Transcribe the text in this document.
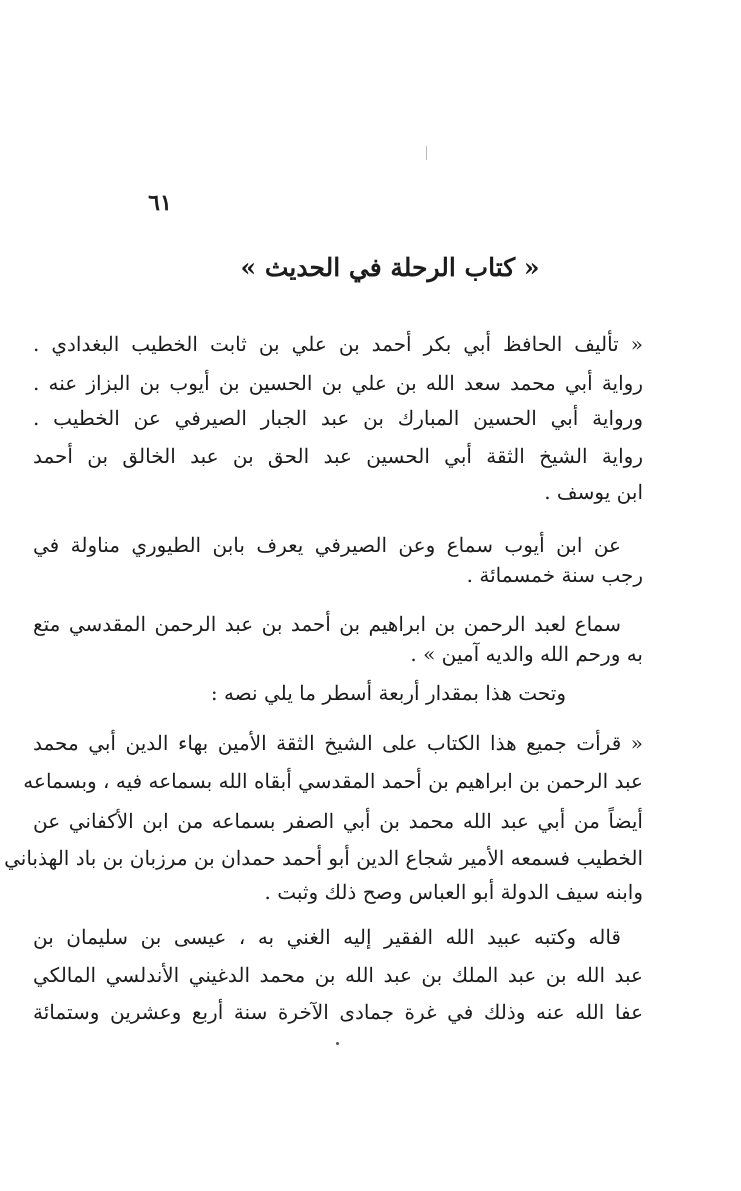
٦١
« كتاب الرحلة في الحديث »
« تأليف الحافظ أبي بكر أحمد بن علي بن ثابت الخطيب البغدادي .
رواية أبي محمد سعد الله بن علي بن الحسين بن أيوب بن البزاز عنه .
ورواية أبي الحسين المبارك بن عبد الجبار الصيرفي عن الخطيب .
رواية الشيخ الثقة أبي الحسين عبد الحق بن عبد الخالق بن أحمد
ابن يوسف .
عن ابن أيوب سماع وعن الصيرفي يعرف بابن الطيوري مناولة في
رجب سنة خمسمائة .
سماع لعبد الرحمن بن ابراهيم بن أحمد بن عبد الرحمن المقدسي متع
به ورحم الله والديه آمين » .
وتحت هذا بمقدار أربعة أسطر ما يلي نصه :
« قرأت جميع هذا الكتاب على الشيخ الثقة الأمين بهاء الدين أبي محمد
عبد الرحمن بن ابراهيم بن أحمد المقدسي أبقاه الله بسماعه فيه ، وبسماعه
أيضاً من أبي عبد الله محمد بن أبي الصفر بسماعه من ابن الأكفاني عن
الخطيب فسمعه الأمير شجاع الدين أبو أحمد حمدان بن مرزبان بن باد الهذباني
وابنه سيف الدولة أبو العباس وصح ذلك وثبت .
قاله وكتبه عبيد الله الفقير إليه الغني به ، عيسى بن سليمان بن
عبد الله بن عبد الملك بن عبد الله بن محمد الدغيني الأندلسي المالكي
عفا الله عنه وذلك في غرة جمادى الآخرة سنة أربع وعشرين وستمائة
